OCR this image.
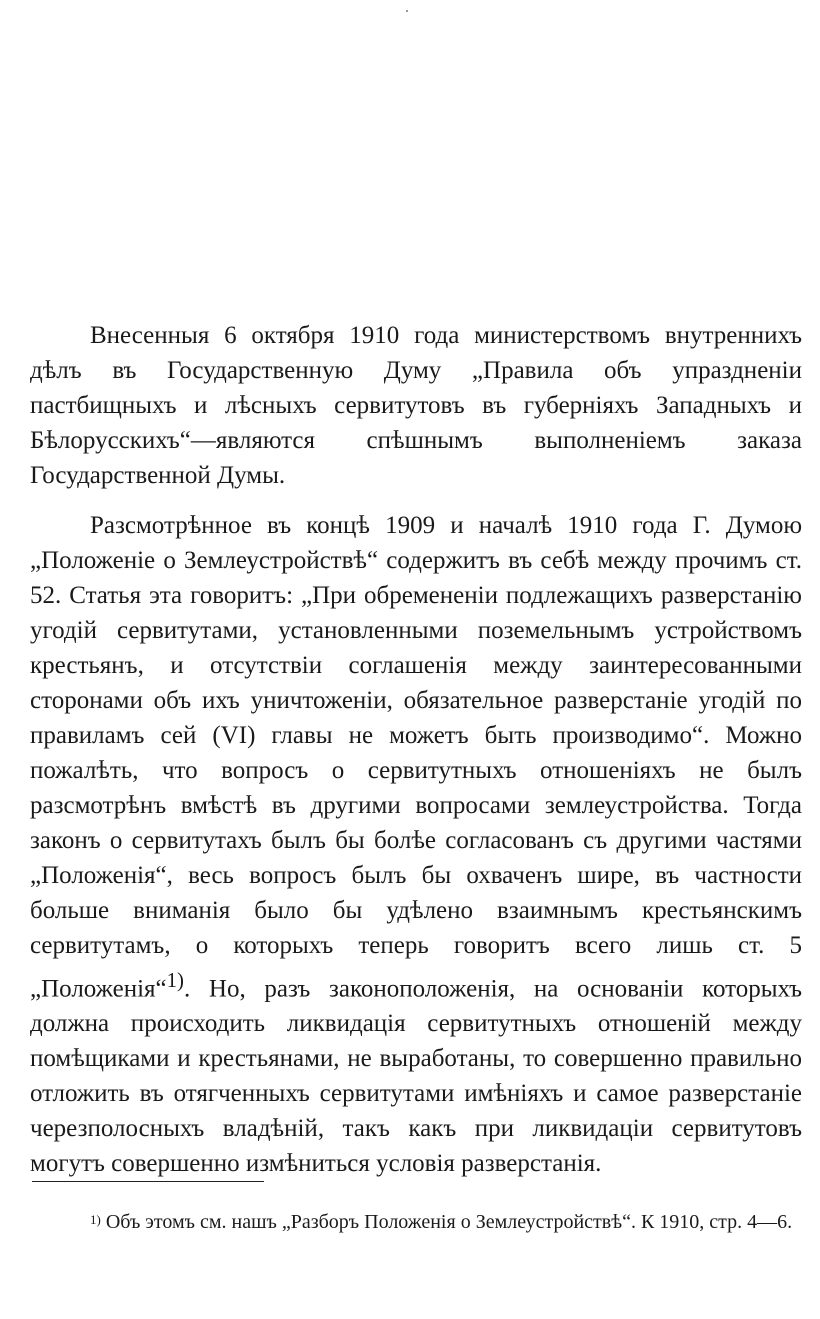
Внесенныя 6 октября 1910 года министерствомъ внутреннихъ дѣлъ въ Государственную Думу „Правила объ упраздненіи пастбищныхъ и лѣсныхъ сервитутовъ въ губерніяхъ Западныхъ и Бѣлорусскихъ“—являются спѣшнымъ выполненіемъ заказа Государственной Думы.

Разсмотрѣнное въ концѣ 1909 и началѣ 1910 года Г. Думою „Положеніе о Землеустройствѣ“ содержитъ въ себѣ между прочимъ ст. 52. Статья эта говоритъ: „При обремененіи подлежащихъ разверстанію угодій сервитутами, установленными поземельнымъ устройствомъ крестьянъ, и отсутствіи соглашенія между заинтересованными сторонами объ ихъ уничтоженіи, обязательное разверстаніе угодій по правиламъ сей (VI) главы не можетъ быть производимо“. Можно пожалѣть, что вопросъ о сервитутныхъ отношеніяхъ не былъ разсмотрѣнъ вмѣстѣ въ другими вопросами землеустройства. Тогда законъ о сервитутахъ былъ бы болѣе согласованъ съ другими частями „Положенія“, весь вопросъ былъ бы охваченъ шире, въ частности больше вниманія было бы удѣлено взаимнымъ крестьянскимъ сервитутамъ, о которыхъ теперь говоритъ всего лишь ст. 5 „Положенія“$^{1)}$. Но, разъ законоположенія, на основаніи которыхъ должна происходить ликвидація сервитутныхъ отношеній между помѣщиками и крестьянами, не выработаны, то совершенно правильно отложить въ отягченныхъ сервитутами имѣніяхъ и самое разверстаніе черезполосныхъ владѣній, такъ какъ при ликвидаціи сервитутовъ могутъ совершенно измѣниться условія разверстанія.

$^{1)}$ Объ этомъ см. нашъ „Разборъ Положенія о Землеустройствѣ“. К 1910, стр. 4—6.
